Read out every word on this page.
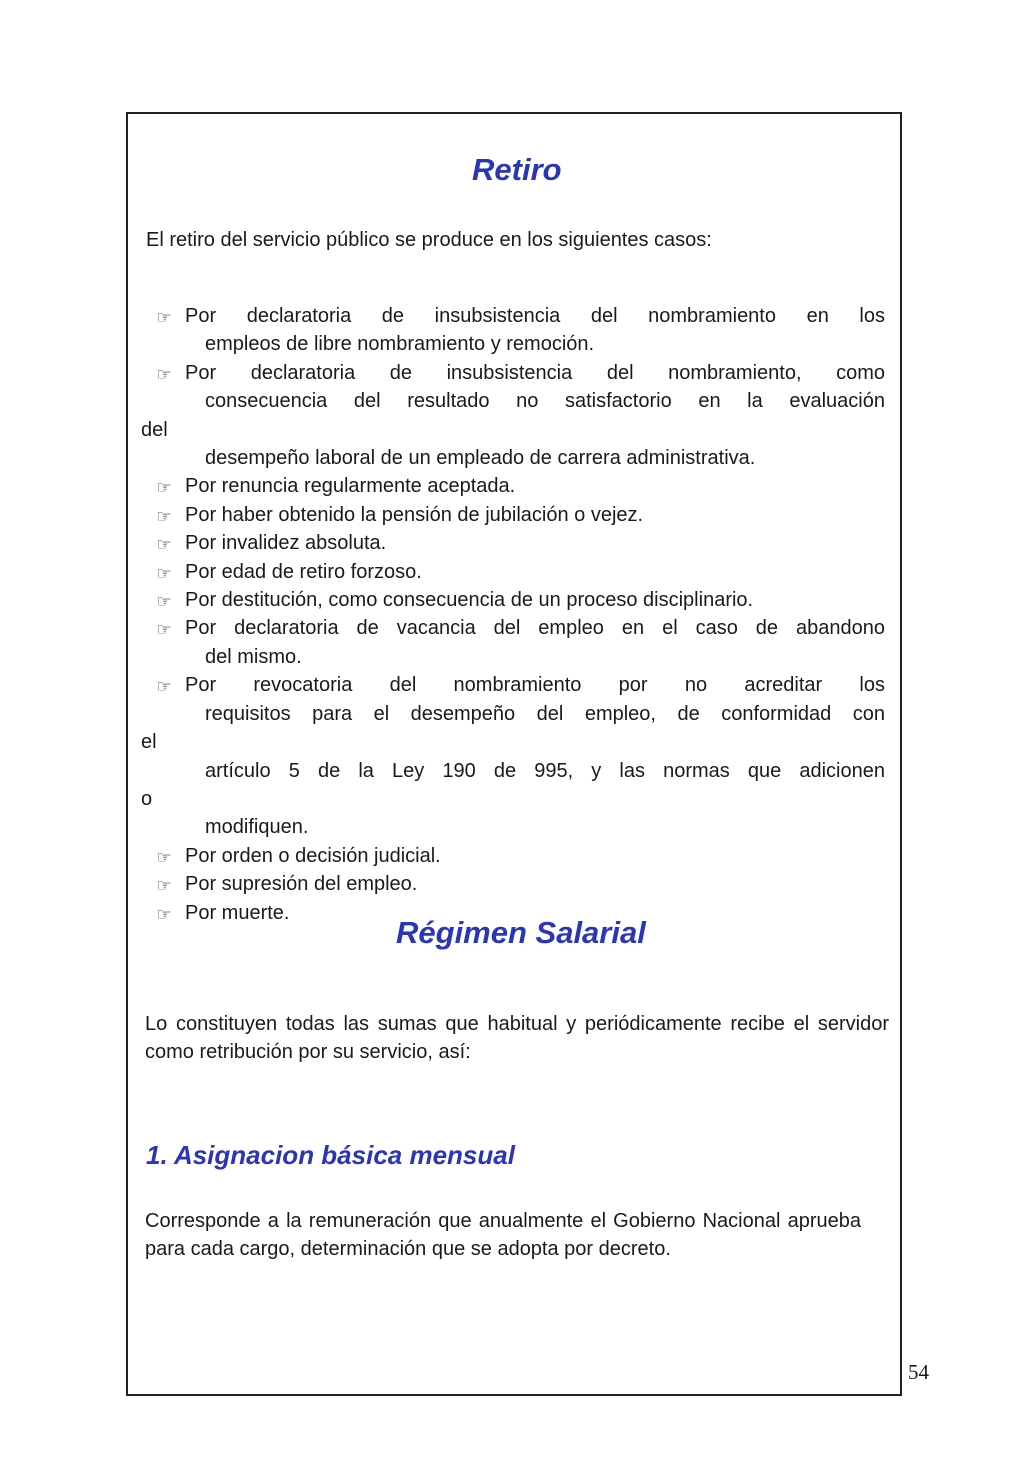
Retiro

El retiro del servicio público se produce en los siguientes casos:

☞ Por declaratoria de insubsistencia del nombramiento en los
empleos de libre nombramiento y remoción.
☞ Por declaratoria de insubsistencia del nombramiento, como
consecuencia del resultado no satisfactorio en la evaluación
del
desempeño laboral de un empleado de carrera administrativa.
☞ Por renuncia regularmente aceptada.
☞ Por haber obtenido la pensión de jubilación o vejez.
☞ Por invalidez absoluta.
☞ Por edad de retiro forzoso.
☞ Por destitución, como consecuencia de un proceso disciplinario.
☞ Por declaratoria de vacancia del empleo en el caso de abandono
del mismo.
☞ Por revocatoria del nombramiento por no acreditar los
requisitos para el desempeño del empleo, de conformidad con
el
artículo 5 de la Ley 190 de 995, y las normas que adicionen
o
modifiquen.
☞ Por orden o decisión judicial.
☞ Por supresión del empleo.
☞ Por muerte.
Régimen Salarial

Lo constituyen todas las sumas que habitual y periódicamente recibe el servidor como retribución por su servicio, así:

1. Asignacion básica mensual

Corresponde a la remuneración que anualmente el Gobierno Nacional aprueba para cada cargo, determinación que se adopta por decreto.

54
